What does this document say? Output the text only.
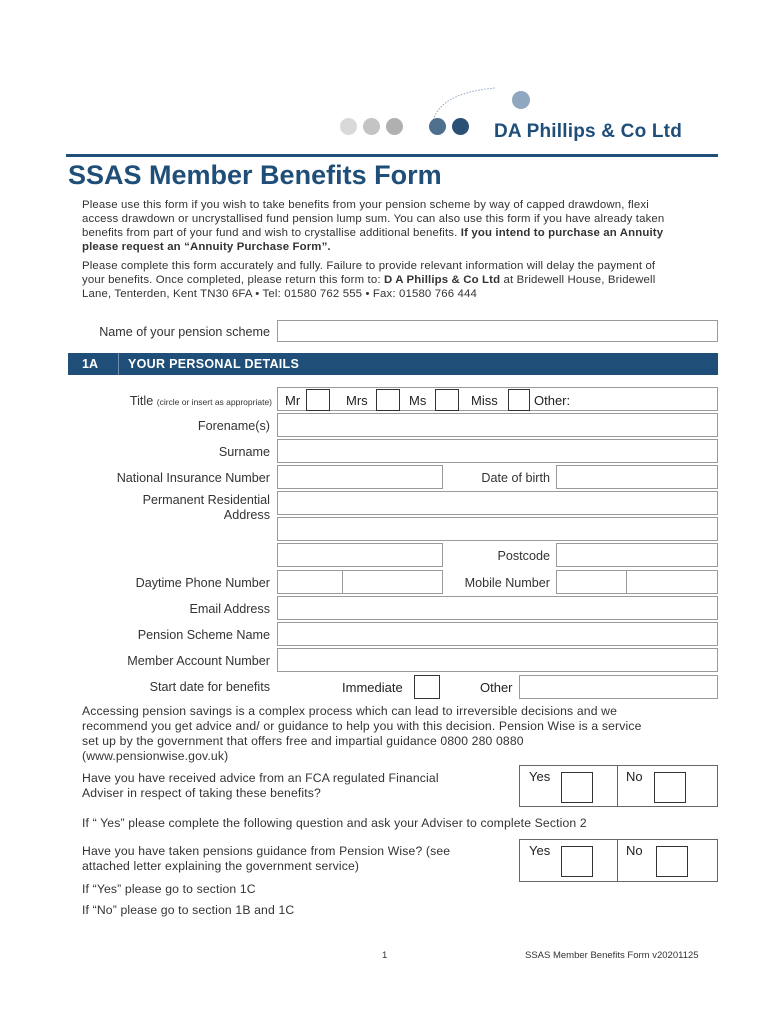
DA Phillips & Co Ltd
SSAS Member Benefits Form
Please use this form if you wish to take benefits from your pension scheme by way of capped drawdown, flexi
access drawdown or uncrystallised fund pension lump sum. You can also use this form if you have already taken
benefits from part of your fund and wish to crystallise additional benefits. If you intend to purchase an Annuity
please request an “Annuity Purchase Form”.
Please complete this form accurately and fully. Failure to provide relevant information will delay the payment of
your benefits. Once completed, please return this form to: D A Phillips & Co Ltd at Bridewell House, Bridewell
Lane, Tenterden, Kent TN30 6FA • Tel: 01580 762 555 • Fax: 01580 766 444
Name of your pension scheme
1A YOUR PERSONAL DETAILS
Title (circle or insert as appropriate) Mr	Mrs	Ms	Miss	Other:
Forename(s)
Surname
National Insurance Number	Date of birth
Permanent Residential
Address
Postcode
Daytime Phone Number	Mobile Number
Email Address
Pension Scheme Name
Member Account Number
Start date for benefits	Immediate	Other
Accessing pension savings is a complex process which can lead to irreversible decisions and we
recommend you get advice and/ or guidance to help you with this decision. Pension Wise is a service
set up by the government that offers free and impartial guidance 0800 280 0880
(www.pensionwise.gov.uk)
Have you have received advice from an FCA regulated Financial
Adviser in respect of taking these benefits?
Yes	No
If “ Yes” please complete the following question and ask your Adviser to complete Section 2
Have you have taken pensions guidance from Pension Wise? (see
attached letter explaining the government service)
Yes	No
If “Yes” please go to section 1C
If “No” please go to section 1B and 1C
1	SSAS Member Benefits Form v20201125
